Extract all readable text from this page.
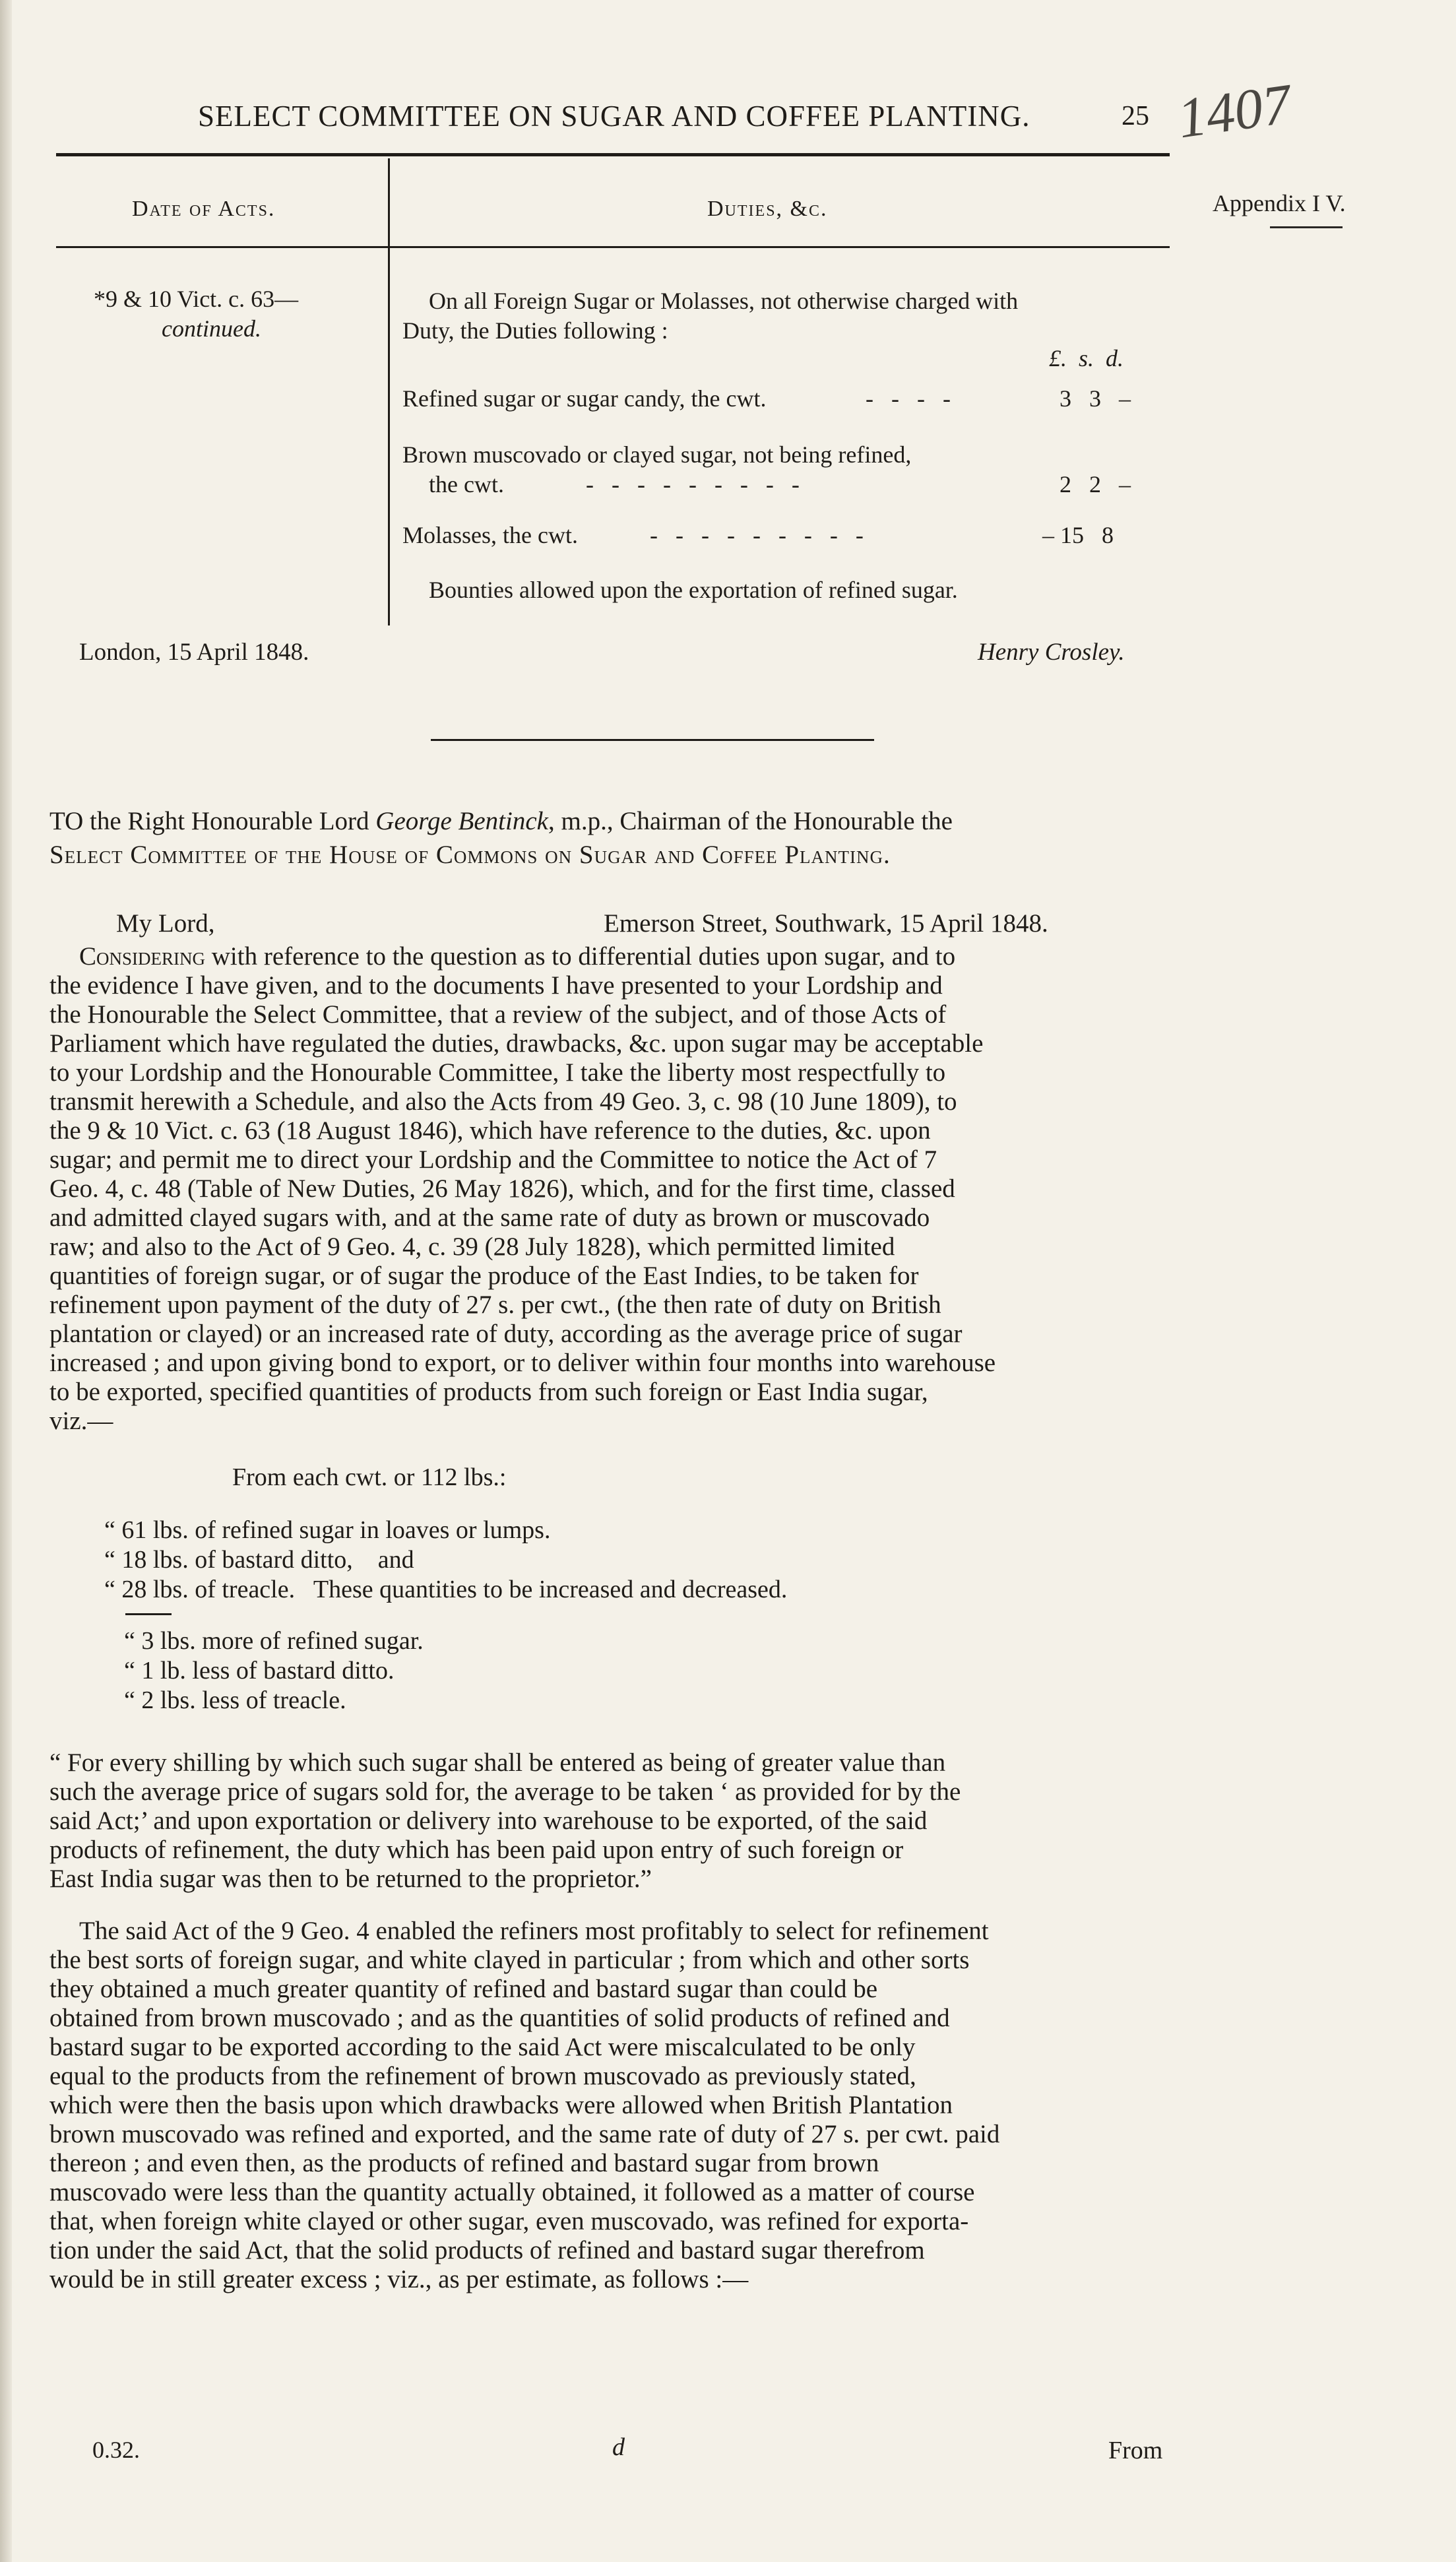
SELECT COMMITTEE ON SUGAR AND COFFEE PLANTING.	25 1407
Appendix I V.
Date of Acts.	Duties, &c.
*9 & 10 Vict. c. 63—
continued.
On all Foreign Sugar or Molasses, not otherwise charged with
Duty, the Duties following :
£.  s.  d.
Refined sugar or sugar candy, the cwt.	-   -   -   -	3   3   –
Brown muscovado or clayed sugar, not being refined,
the cwt.	-   -   -   -   -   -   -   -   -	2   2   –
Molasses, the cwt.	-   -   -   -   -   -   -   -   -	– 15   8
Bounties allowed upon the exportation of refined sugar.
London, 15 April 1848.	Henry Crosley.
TO the Right Honourable Lord George Bentinck, m.p., Chairman of the Honourable the
Select Committee of the House of Commons on Sugar and Coffee Planting.
My Lord,	Emerson Street, Southwark, 15 April 1848.
Considering with reference to the question as to differential duties upon sugar, and to
the evidence I have given, and to the documents I have presented to your Lordship and
the Honourable the Select Committee, that a review of the subject, and of those Acts of
Parliament which have regulated the duties, drawbacks, &c. upon sugar may be acceptable
to your Lordship and the Honourable Committee, I take the liberty most respectfully to
transmit herewith a Schedule, and also the Acts from 49 Geo. 3, c. 98 (10 June 1809), to
the 9 & 10 Vict. c. 63 (18 August 1846), which have reference to the duties, &c. upon
sugar; and permit me to direct your Lordship and the Committee to notice the Act of 7
Geo. 4, c. 48 (Table of New Duties, 26 May 1826), which, and for the first time, classed
and admitted clayed sugars with, and at the same rate of duty as brown or muscovado
raw; and also to the Act of 9 Geo. 4, c. 39 (28 July 1828), which permitted limited
quantities of foreign sugar, or of sugar the produce of the East Indies, to be taken for
refinement upon payment of the duty of 27 s. per cwt., (the then rate of duty on British
plantation or clayed) or an increased rate of duty, according as the average price of sugar
increased ; and upon giving bond to export, or to deliver within four months into warehouse
to be exported, specified quantities of products from such foreign or East India sugar,
viz.—
From each cwt. or 112 lbs.:
“ 61 lbs. of refined sugar in loaves or lumps.
“ 18 lbs. of bastard ditto,    and
“ 28 lbs. of treacle.   These quantities to be increased and decreased.
“ 3 lbs. more of refined sugar.
“ 1 lb. less of bastard ditto.
“ 2 lbs. less of treacle.
“ For every shilling by which such sugar shall be entered as being of greater value than
such the average price of sugars sold for, the average to be taken ‘ as provided for by the
said Act;’ and upon exportation or delivery into warehouse to be exported, of the said
products of refinement, the duty which has been paid upon entry of such foreign or
East India sugar was then to be returned to the proprietor.”
The said Act of the 9 Geo. 4 enabled the refiners most profitably to select for refinement
the best sorts of foreign sugar, and white clayed in particular ; from which and other sorts
they obtained a much greater quantity of refined and bastard sugar than could be
obtained from brown muscovado ; and as the quantities of solid products of refined and
bastard sugar to be exported according to the said Act were miscalculated to be only
equal to the products from the refinement of brown muscovado as previously stated,
which were then the basis upon which drawbacks were allowed when British Plantation
brown muscovado was refined and exported, and the same rate of duty of 27 s. per cwt. paid
thereon ; and even then, as the products of refined and bastard sugar from brown
muscovado were less than the quantity actually obtained, it followed as a matter of course
that, when foreign white clayed or other sugar, even muscovado, was refined for exporta-
tion under the said Act, that the solid products of refined and bastard sugar therefrom
would be in still greater excess ; viz., as per estimate, as follows :—
0.32.	d	From
